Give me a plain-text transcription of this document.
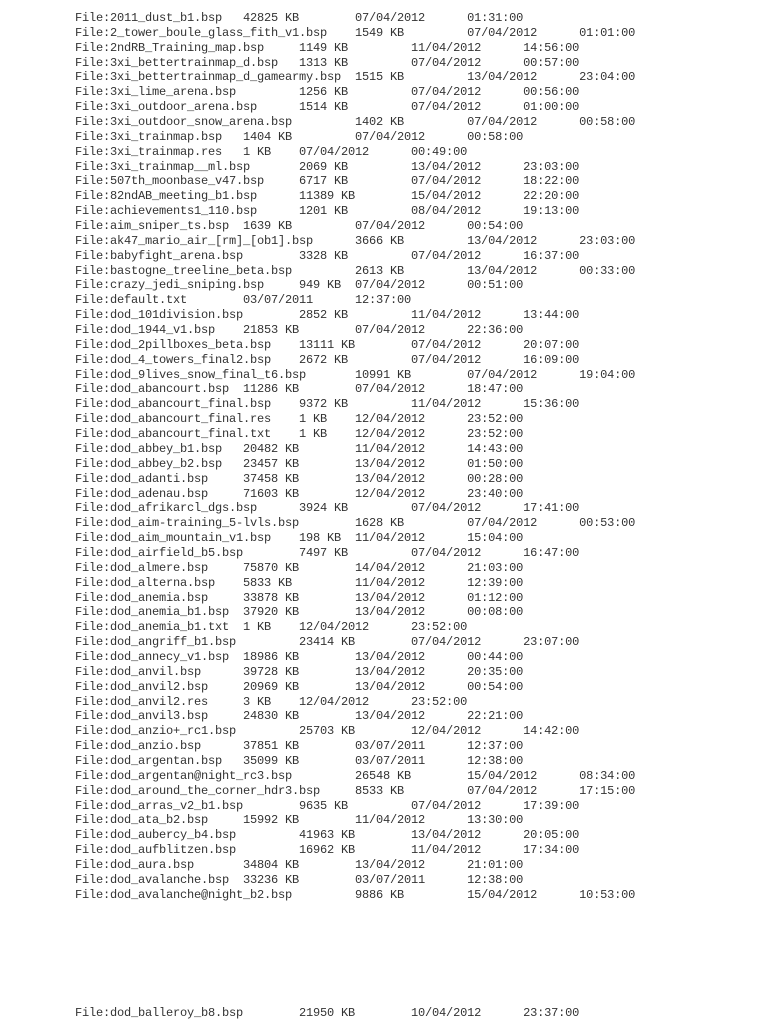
File:2011_dust_b1.bsp   42825 KB        07/04/2012      01:31:00
File:2_tower_boule_glass_fith_v1.bsp    1549 KB         07/04/2012      01:01:00
File:2ndRB_Training_map.bsp     1149 KB         11/04/2012      14:56:00
File:3xi_bettertrainmap_d.bsp   1313 KB         07/04/2012      00:57:00
File:3xi_bettertrainmap_d_gamearmy.bsp  1515 KB         13/04/2012      23:04:00
File:3xi_lime_arena.bsp         1256 KB         07/04/2012      00:56:00
File:3xi_outdoor_arena.bsp      1514 KB         07/04/2012      01:00:00
File:3xi_outdoor_snow_arena.bsp         1402 KB         07/04/2012      00:58:00
File:3xi_trainmap.bsp   1404 KB         07/04/2012      00:58:00
File:3xi_trainmap.res   1 KB    07/04/2012      00:49:00
File:3xi_trainmap__ml.bsp       2069 KB         13/04/2012      23:03:00
File:507th_moonbase_v47.bsp     6717 KB         07/04/2012      18:22:00
File:82ndAB_meeting_b1.bsp      11389 KB        15/04/2012      22:20:00
File:achievements1_110.bsp      1201 KB         08/04/2012      19:13:00
File:aim_sniper_ts.bsp  1639 KB         07/04/2012      00:54:00
File:ak47_mario_air_[rm]_[ob1].bsp      3666 KB         13/04/2012      23:03:00
File:babyfight_arena.bsp        3328 KB         07/04/2012      16:37:00
File:bastogne_treeline_beta.bsp         2613 KB         13/04/2012      00:33:00
File:crazy_jedi_sniping.bsp     949 KB  07/04/2012      00:51:00
File:default.txt        03/07/2011      12:37:00
File:dod_101division.bsp        2852 KB         11/04/2012      13:44:00
File:dod_1944_v1.bsp    21853 KB        07/04/2012      22:36:00
File:dod_2pillboxes_beta.bsp    13111 KB        07/04/2012      20:07:00
File:dod_4_towers_final2.bsp    2672 KB         07/04/2012      16:09:00
File:dod_9lives_snow_final_t6.bsp       10991 KB        07/04/2012      19:04:00
File:dod_abancourt.bsp  11286 KB        07/04/2012      18:47:00
File:dod_abancourt_final.bsp    9372 KB         11/04/2012      15:36:00
File:dod_abancourt_final.res    1 KB    12/04/2012      23:52:00
File:dod_abancourt_final.txt    1 KB    12/04/2012      23:52:00
File:dod_abbey_b1.bsp   20482 KB        11/04/2012      14:43:00
File:dod_abbey_b2.bsp   23457 KB        13/04/2012      01:50:00
File:dod_adanti.bsp     37458 KB        13/04/2012      00:28:00
File:dod_adenau.bsp     71603 KB        12/04/2012      23:40:00
File:dod_afrikarcl_dgs.bsp      3924 KB         07/04/2012      17:41:00
File:dod_aim-training_5-lvls.bsp        1628 KB         07/04/2012      00:53:00
File:dod_aim_mountain_v1.bsp    198 KB  11/04/2012      15:04:00
File:dod_airfield_b5.bsp        7497 KB         07/04/2012      16:47:00
File:dod_almere.bsp     75870 KB        14/04/2012      21:03:00
File:dod_alterna.bsp    5833 KB         11/04/2012      12:39:00
File:dod_anemia.bsp     33878 KB        13/04/2012      01:12:00
File:dod_anemia_b1.bsp  37920 KB        13/04/2012      00:08:00
File:dod_anemia_b1.txt  1 KB    12/04/2012      23:52:00
File:dod_angriff_b1.bsp         23414 KB        07/04/2012      23:07:00
File:dod_annecy_v1.bsp  18986 KB        13/04/2012      00:44:00
File:dod_anvil.bsp      39728 KB        13/04/2012      20:35:00
File:dod_anvil2.bsp     20969 KB        13/04/2012      00:54:00
File:dod_anvil2.res     3 KB    12/04/2012      23:52:00
File:dod_anvil3.bsp     24830 KB        13/04/2012      22:21:00
File:dod_anzio+_rc1.bsp         25703 KB        12/04/2012      14:42:00
File:dod_anzio.bsp      37851 KB        03/07/2011      12:37:00
File:dod_argentan.bsp   35099 KB        03/07/2011      12:38:00
File:dod_argentan@night_rc3.bsp         26548 KB        15/04/2012      08:34:00
File:dod_around_the_corner_hdr3.bsp     8533 KB         07/04/2012      17:15:00
File:dod_arras_v2_b1.bsp        9635 KB         07/04/2012      17:39:00
File:dod_ata_b2.bsp     15992 KB        11/04/2012      13:30:00
File:dod_aubercy_b4.bsp         41963 KB        13/04/2012      20:05:00
File:dod_aufblitzen.bsp         16962 KB        11/04/2012      17:34:00
File:dod_aura.bsp       34804 KB        13/04/2012      21:01:00
File:dod_avalanche.bsp  33236 KB        03/07/2011      12:38:00
File:dod_avalanche@night_b2.bsp         9886 KB         15/04/2012      10:53:00
File:dod_balleroy_b8.bsp        21950 KB        10/04/2012      23:37:00
